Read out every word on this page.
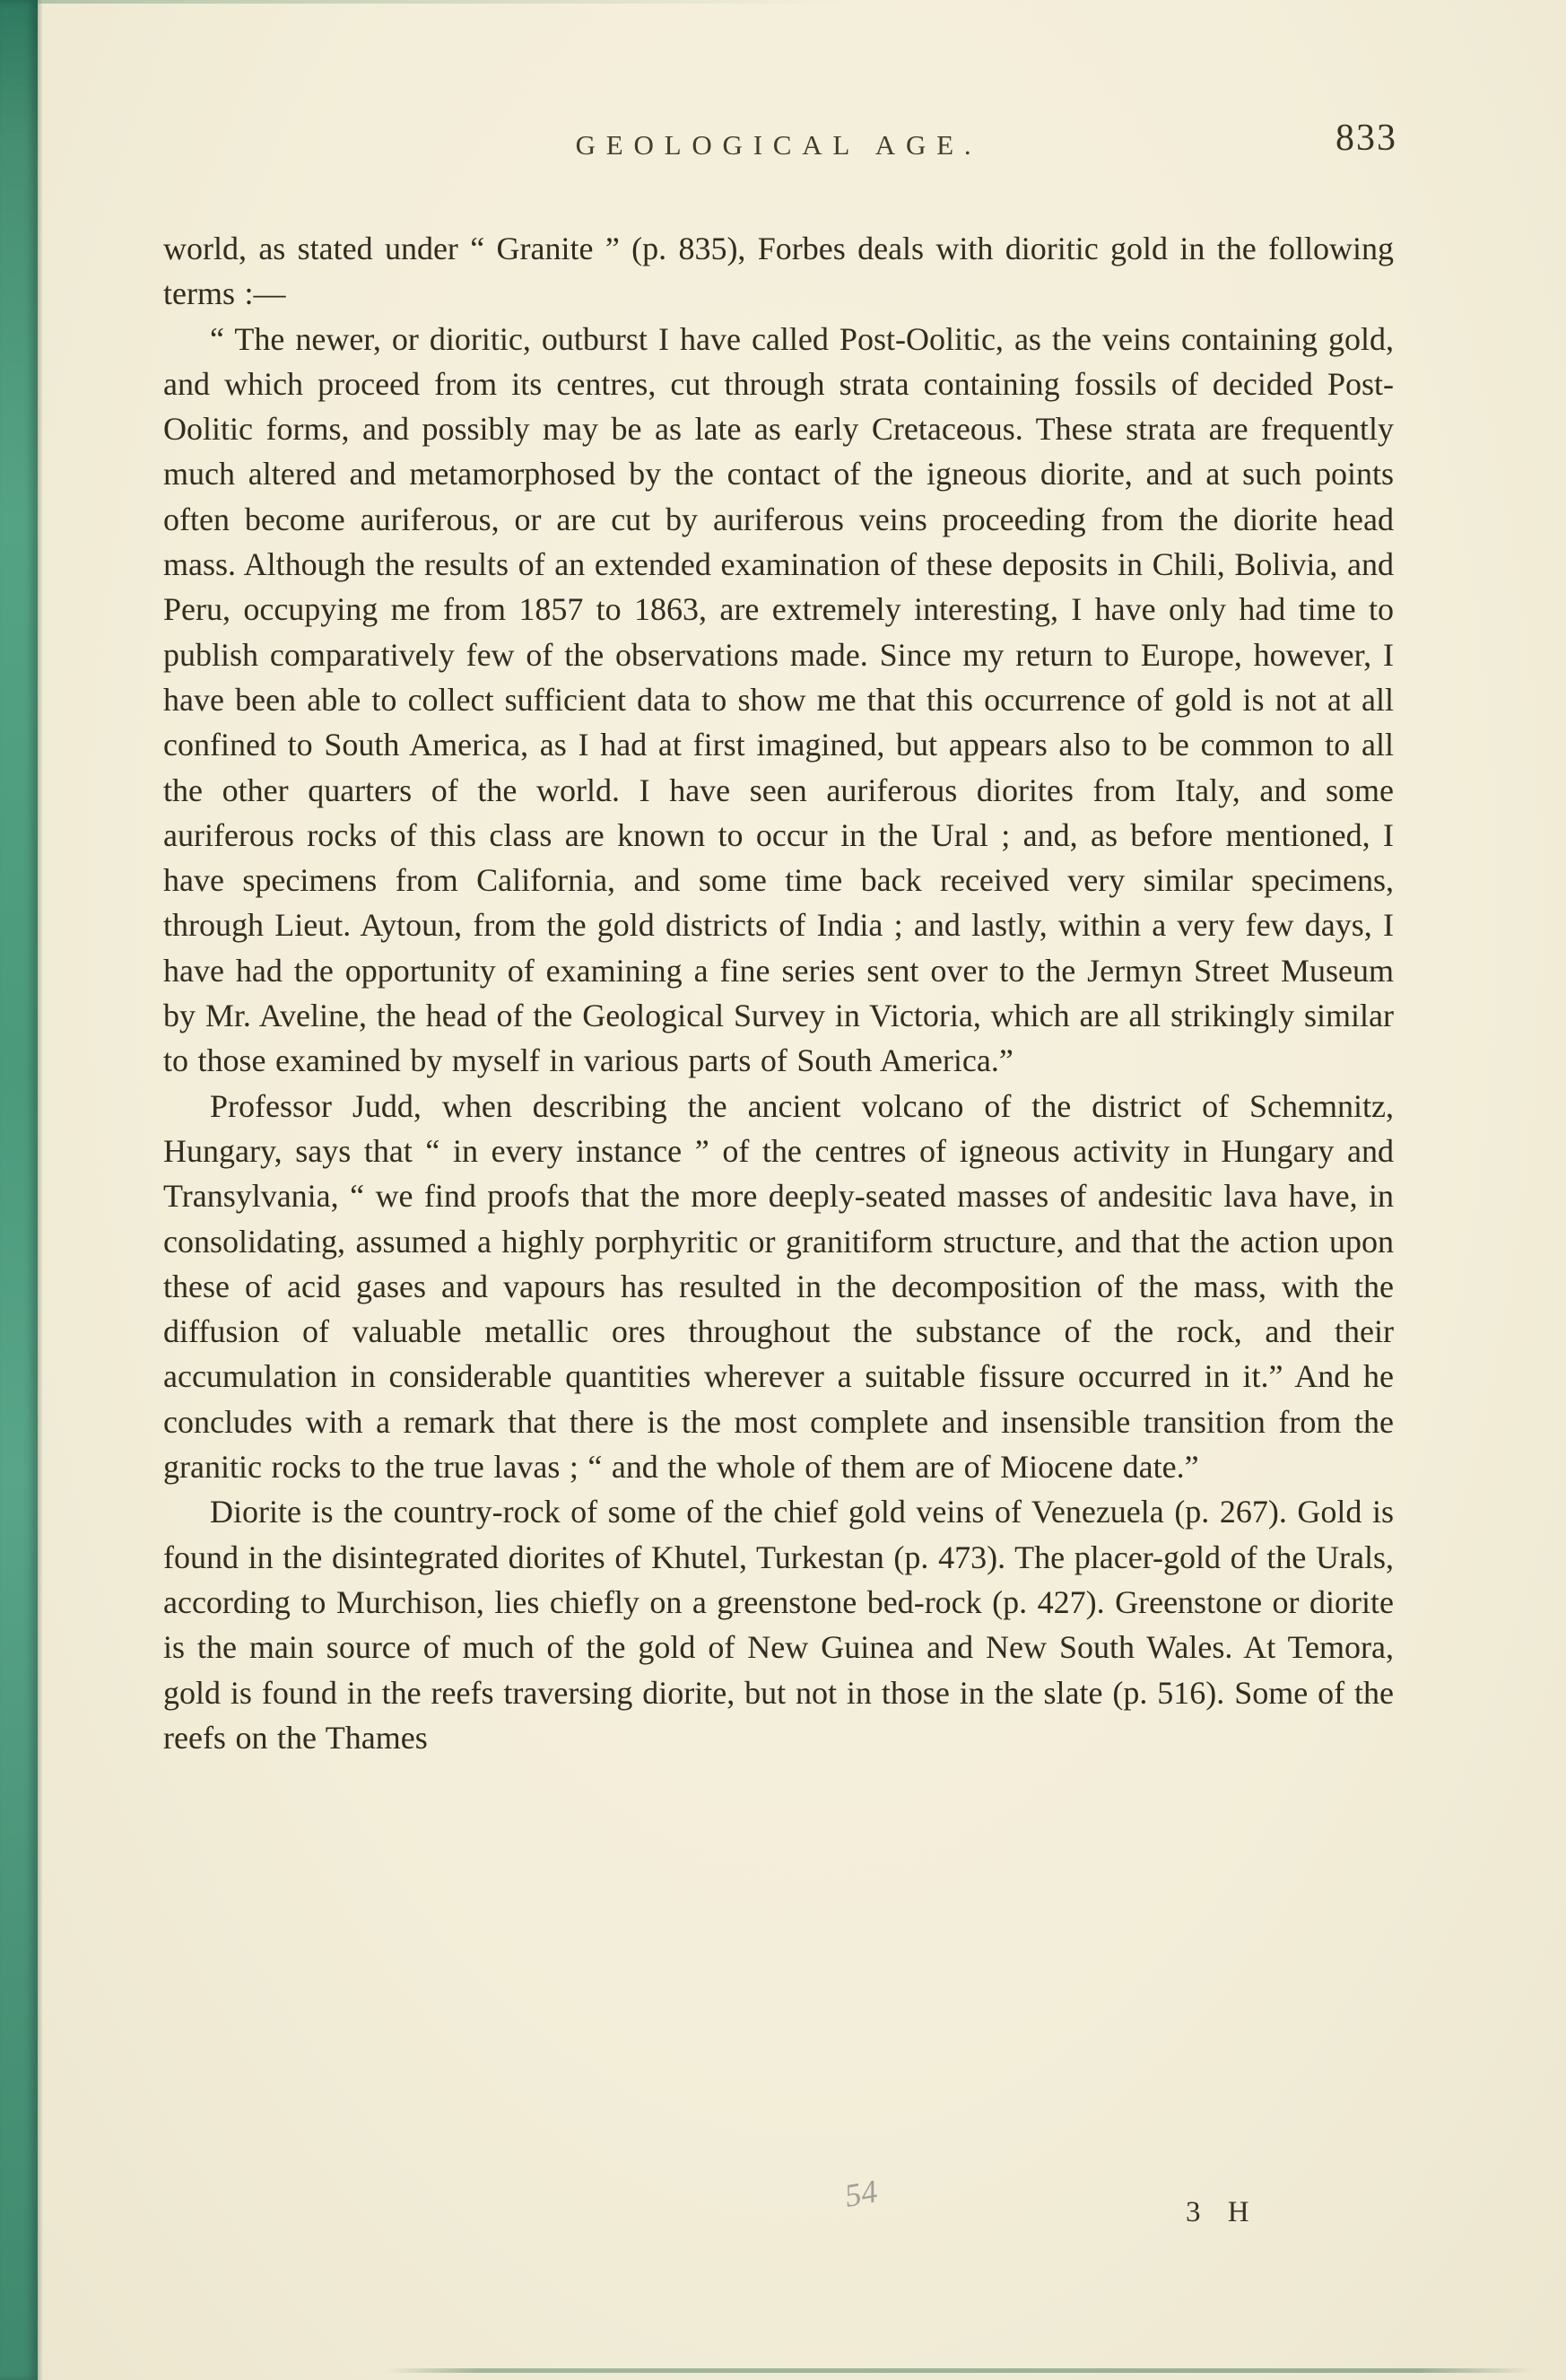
GEOLOGICAL AGE.	833

world, as stated under “ Granite ” (p. 835), Forbes deals with dioritic gold in the following terms :—

“ The newer, or dioritic, outburst I have called Post-Oolitic, as the veins containing gold, and which proceed from its centres, cut through strata containing fossils of decided Post-Oolitic forms, and possibly may be as late as early Cretaceous. These strata are frequently much altered and metamorphosed by the contact of the igneous diorite, and at such points often become auriferous, or are cut by auriferous veins proceeding from the diorite head mass. Although the results of an extended examination of these deposits in Chili, Bolivia, and Peru, occupying me from 1857 to 1863, are extremely interesting, I have only had time to publish comparatively few of the observations made. Since my return to Europe, however, I have been able to collect sufficient data to show me that this occurrence of gold is not at all confined to South America, as I had at first imagined, but appears also to be common to all the other quarters of the world. I have seen auriferous diorites from Italy, and some auriferous rocks of this class are known to occur in the Ural ; and, as before mentioned, I have specimens from California, and some time back received very similar specimens, through Lieut. Aytoun, from the gold districts of India ; and lastly, within a very few days, I have had the opportunity of examining a fine series sent over to the Jermyn Street Museum by Mr. Aveline, the head of the Geological Survey in Victoria, which are all strikingly similar to those examined by myself in various parts of South America.”

Professor Judd, when describing the ancient volcano of the district of Schemnitz, Hungary, says that “ in every instance ” of the centres of igneous activity in Hungary and Transylvania, “ we find proofs that the more deeply-seated masses of andesitic lava have, in consolidating, assumed a highly porphyritic or granitiform structure, and that the action upon these of acid gases and vapours has resulted in the decomposition of the mass, with the diffusion of valuable metallic ores throughout the substance of the rock, and their accumulation in considerable quantities wherever a suitable fissure occurred in it.” And he concludes with a remark that there is the most complete and insensible transition from the granitic rocks to the true lavas ; “ and the whole of them are of Miocene date.”

Diorite is the country-rock of some of the chief gold veins of Venezuela (p. 267). Gold is found in the disintegrated diorites of Khutel, Turkestan (p. 473). The placer-gold of the Urals, according to Murchison, lies chiefly on a greenstone bed-rock (p. 427). Greenstone or diorite is the main source of much of the gold of New Guinea and New South Wales. At Temora, gold is found in the reefs traversing diorite, but not in those in the slate (p. 516). Some of the reefs on the Thames

54	3 H
